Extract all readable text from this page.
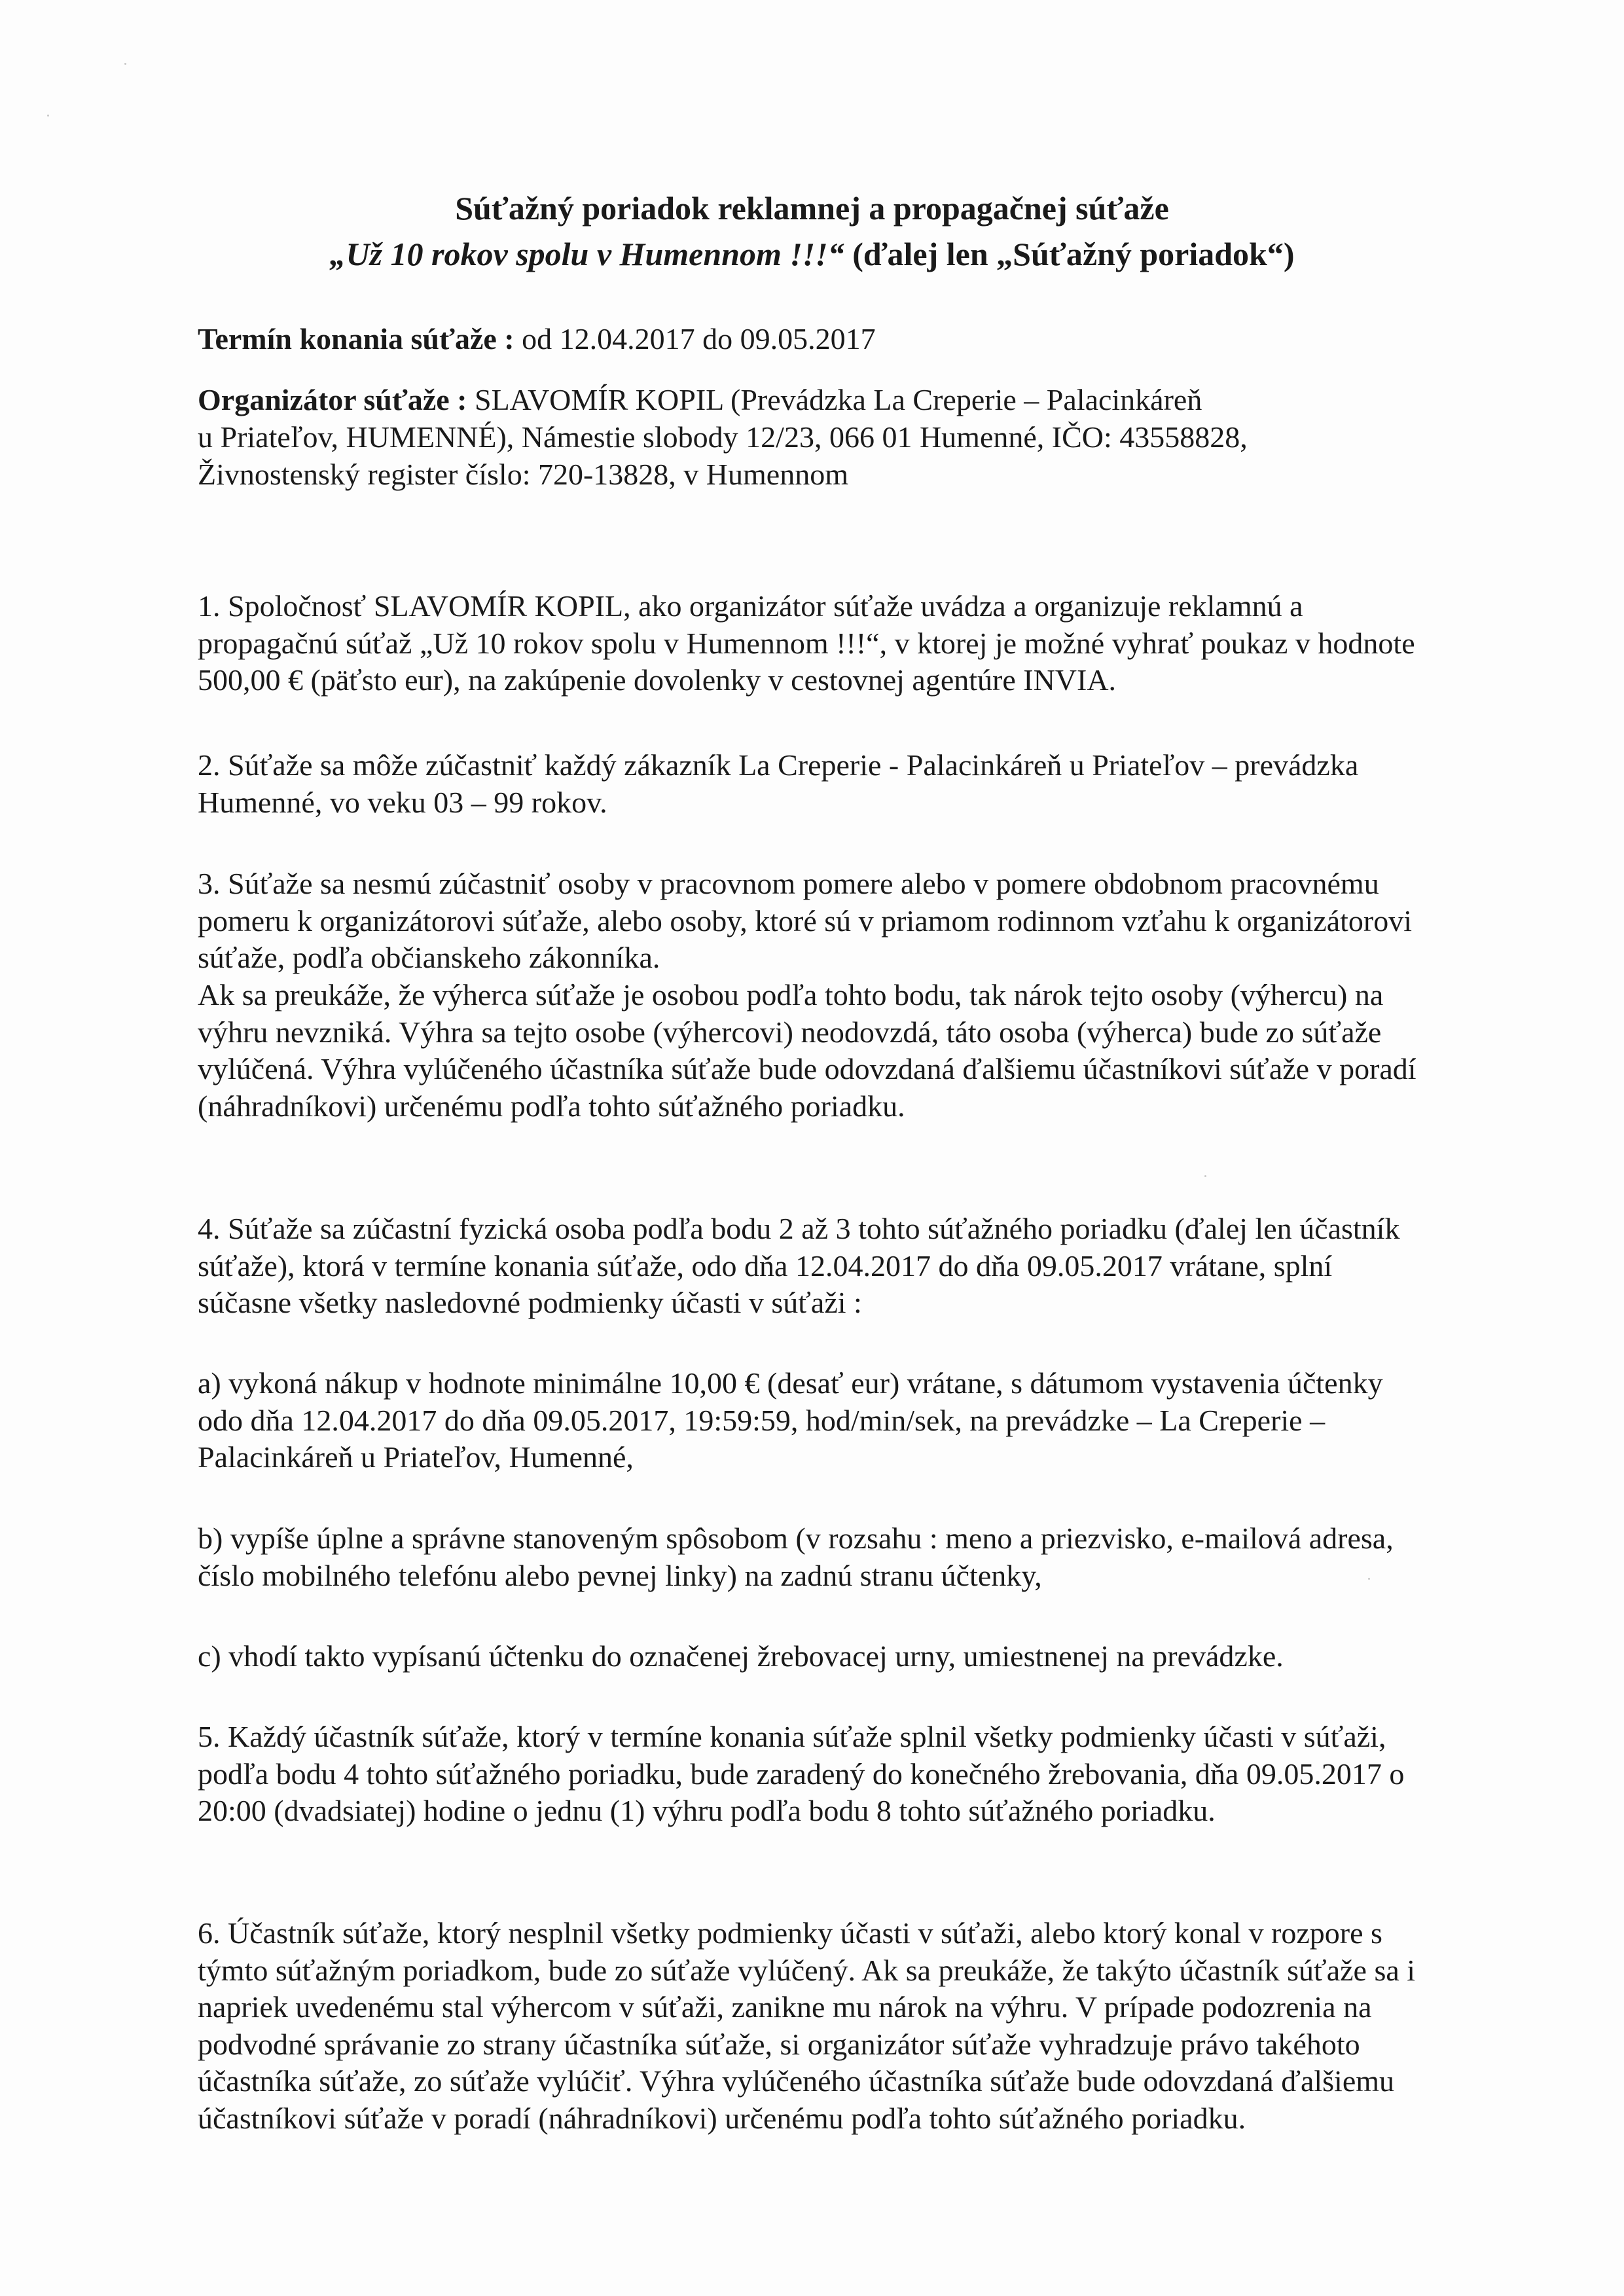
Súťažný poriadok reklamnej a propagačnej súťaže
„Už 10 rokov spolu v Humennom !!!“ (ďalej len „Súťažný poriadok“)

Termín konania súťaže : od 12.04.2017 do 09.05.2017

Organizátor súťaže : SLAVOMÍR KOPIL (Prevádzka La Creperie – Palacinkáreň

u Priateľov, HUMENNÉ), Námestie slobody 12/23, 066 01 Humenné, IČO: 43558828,

Živnostenský register číslo: 720-13828, v Humennom

1. Spoločnosť SLAVOMÍR KOPIL, ako organizátor súťaže uvádza a organizuje reklamnú a propagačnú súťaž „Už 10 rokov spolu v Humennom !!!“, v ktorej je možné vyhrať poukaz v hodnote 500,00 € (päťsto eur), na zakúpenie dovolenky v cestovnej agentúre INVIA.

2. Súťaže sa môže zúčastniť každý zákazník La Creperie - Palacinkáreň u Priateľov – prevádzka Humenné, vo veku 03 – 99 rokov.

3. Súťaže sa nesmú zúčastniť osoby v pracovnom pomere alebo v pomere obdobnom pracovnému pomeru k organizátorovi súťaže, alebo osoby, ktoré sú v priamom rodinnom vzťahu k organizátorovi súťaže, podľa občianskeho zákonníka.

Ak sa preukáže, že výherca súťaže je osobou podľa tohto bodu, tak nárok tejto osoby (výhercu) na výhru nevzniká. Výhra sa tejto osobe (výhercovi) neodovzdá, táto osoba (výherca) bude zo súťaže vylúčená. Výhra vylúčeného účastníka súťaže bude odovzdaná ďalšiemu účastníkovi súťaže v poradí (náhradníkovi) určenému podľa tohto súťažného poriadku.

4. Súťaže sa zúčastní fyzická osoba podľa bodu 2 až 3 tohto súťažného poriadku (ďalej len účastník súťaže), ktorá v termíne konania súťaže, odo dňa 12.04.2017 do dňa 09.05.2017 vrátane, splní súčasne všetky nasledovné podmienky účasti v súťaži :

a) vykoná nákup v hodnote minimálne 10,00 € (desať eur) vrátane, s dátumom vystavenia účtenky odo dňa 12.04.2017 do dňa 09.05.2017, 19:59:59, hod/min/sek, na prevádzke – La Creperie – Palacinkáreň u Priateľov, Humenné,

b) vypíše úplne a správne stanoveným spôsobom (v rozsahu : meno a priezvisko, e-mailová adresa, číslo mobilného telefónu alebo pevnej linky) na zadnú stranu účtenky,

c) vhodí takto vypísanú účtenku do označenej žrebovacej urny, umiestnenej na prevádzke.

5. Každý účastník súťaže, ktorý v termíne konania súťaže splnil všetky podmienky účasti v súťaži, podľa bodu 4 tohto súťažného poriadku, bude zaradený do konečného žrebovania, dňa 09.05.2017 o 20:00 (dvadsiatej) hodine o jednu (1) výhru podľa bodu 8 tohto súťažného poriadku.

6. Účastník súťaže, ktorý nesplnil všetky podmienky účasti v súťaži, alebo ktorý konal v rozpore s týmto súťažným poriadkom, bude zo súťaže vylúčený. Ak sa preukáže, že takýto účastník súťaže sa i napriek uvedenému stal výhercom v súťaži, zanikne mu nárok na výhru. V prípade podozrenia na podvodné správanie zo strany účastníka súťaže, si organizátor súťaže vyhradzuje právo takéhoto účastníka súťaže, zo súťaže vylúčiť. Výhra vylúčeného účastníka súťaže bude odovzdaná ďalšiemu účastníkovi súťaže v poradí (náhradníkovi) určenému podľa tohto súťažného poriadku.
